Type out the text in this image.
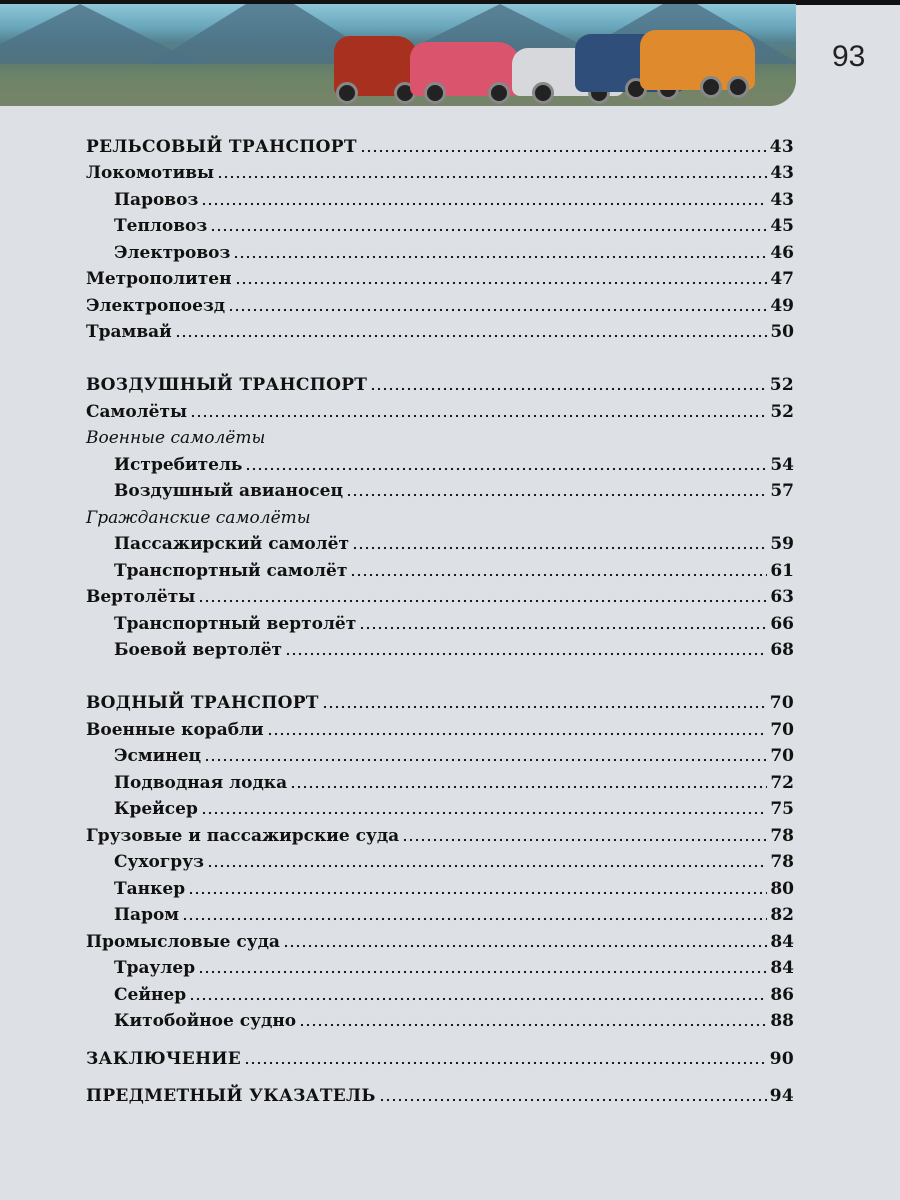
93
РЕЛЬСОВЫЙ ТРАНСПОРТ	43
Локомотивы	43
Паровоз	43
Тепловоз	45
Электровоз	46
Метрополитен	47
Электропоезд	49
Трамвай	50
ВОЗДУШНЫЙ ТРАНСПОРТ	52
Самолёты	52
Военные самолёты
Истребитель	54
Воздушный авианосец	57
Гражданские самолёты
Пассажирский самолёт	59
Транспортный самолёт	61
Вертолёты	63
Транспортный вертолёт	66
Боевой вертолёт	68
ВОДНЫЙ ТРАНСПОРТ	70
Военные корабли	70
Эсминец	70
Подводная лодка	72
Крейсер	75
Грузовые и пассажирские суда	78
Сухогруз	78
Танкер	80
Паром	82
Промысловые суда	84
Траулер	84
Сейнер	86
Китобойное судно	88
ЗАКЛЮЧЕНИЕ	90
ПРЕДМЕТНЫЙ УКАЗАТЕЛЬ	94
